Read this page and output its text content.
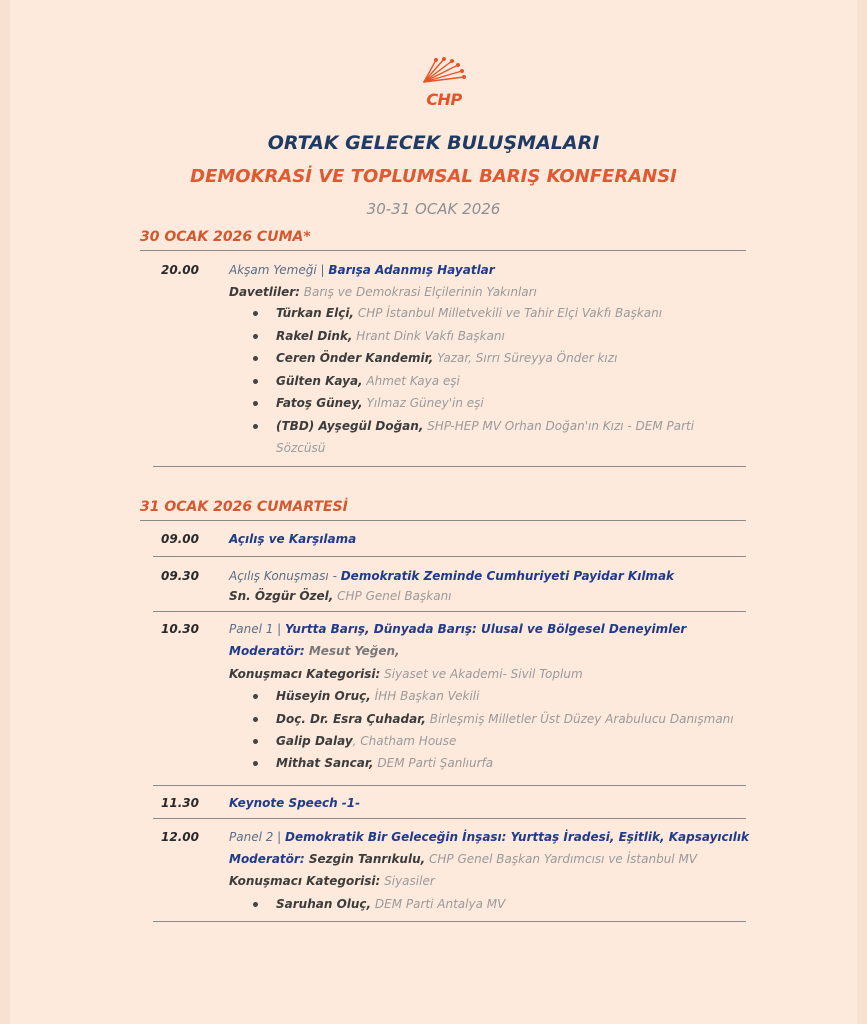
CHP
ORTAK GELECEK BULUŞMALARI
DEMOKRASİ VE TOPLUMSAL BARIŞ KONFERANSI
30-31 OCAK 2026
30 OCAK 2026 CUMA*
20.00	Akşam Yemeği | Barışa Adanmış Hayatlar
Davetliler: Barış ve Demokrasi Elçilerinin Yakınları
Türkan Elçi, CHP İstanbul Milletvekili ve Tahir Elçi Vakfı Başkanı
Rakel Dink, Hrant Dink Vakfı Başkanı
Ceren Önder Kandemir, Yazar, Sırrı Süreyya Önder kızı
Gülten Kaya, Ahmet Kaya eşi
Fatoş Güney, Yılmaz Güney'in eşi
(TBD) Ayşegül Doğan, SHP-HEP MV Orhan Doğan'ın Kızı - DEM Parti
Sözcüsü
31 OCAK 2026 CUMARTESİ
09.00	Açılış ve Karşılama
09.30	Açılış Konuşması - Demokratik Zeminde Cumhuriyeti Payidar Kılmak
Sn. Özgür Özel, CHP Genel Başkanı
10.30	Panel 1 | Yurtta Barış, Dünyada Barış: Ulusal ve Bölgesel Deneyimler
Moderatör: Mesut Yeğen,
Konuşmacı Kategorisi: Siyaset ve Akademi- Sivil Toplum
Hüseyin Oruç, İHH Başkan Vekili
Doç. Dr. Esra Çuhadar, Birleşmiş Milletler Üst Düzey Arabulucu Danışmanı
Galip Dalay, Chatham House
Mithat Sancar, DEM Parti Şanlıurfa
11.30	Keynote Speech -1-
12.00	Panel 2 | Demokratik Bir Geleceğin İnşası: Yurttaş İradesi, Eşitlik, Kapsayıcılık
Moderatör: Sezgin Tanrıkulu, CHP Genel Başkan Yardımcısı ve İstanbul MV
Konuşmacı Kategorisi: Siyasiler
Saruhan Oluç, DEM Parti Antalya MV
